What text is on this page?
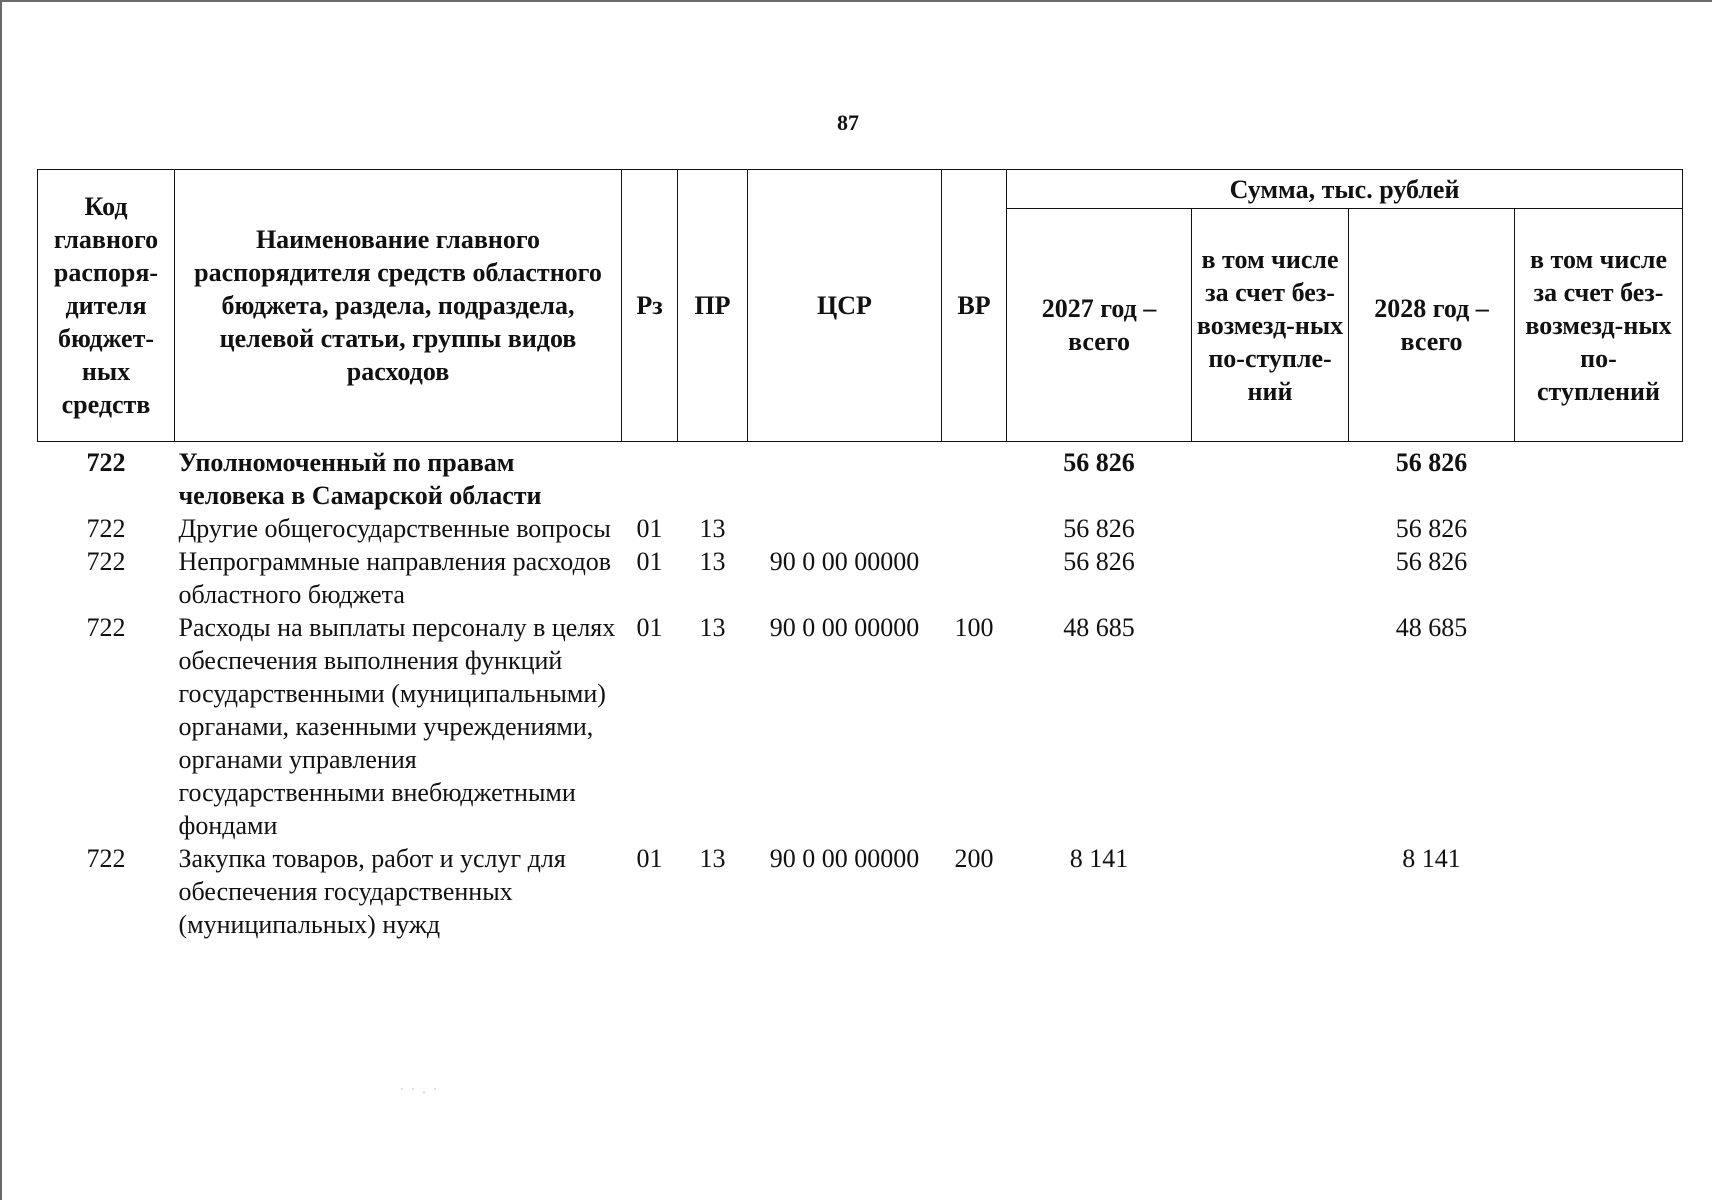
87
Код главного распоря-дителя бюджет-ных средств	Наименование главного распорядителя средств областного бюджета, раздела, подраздела, целевой статьи, группы видов расходов	Рз	ПР	ЦСР	ВР	Сумма, тыс. рублей			
						2027 год – всего	в том числе за счет без-возмезд-ных по-ступле-ний	2028 год – всего	в том числе за счет без-возмезд-ных по-ступлений
722	Уполномоченный по правам человека в Самарской области					56 826		56 826	
722	Другие общегосударственные вопросы	01	13			56 826		56 826	
722	Непрограммные направления расходов областного бюджета	01	13	90 0 00 00000		56 826		56 826	
722	Расходы на выплаты персоналу в целях обеспечения выполнения функций государственными (муниципальными) органами, казенными учреждениями, органами управления государственными внебюджетными фондами	01	13	90 0 00 00000	100	48 685		48 685	
722	Закупка товаров, работ и услуг для обеспечения государственных (муниципальных) нужд	01	13	90 0 00 00000	200	8 141		8 141	
˙ ˙ · ˙
